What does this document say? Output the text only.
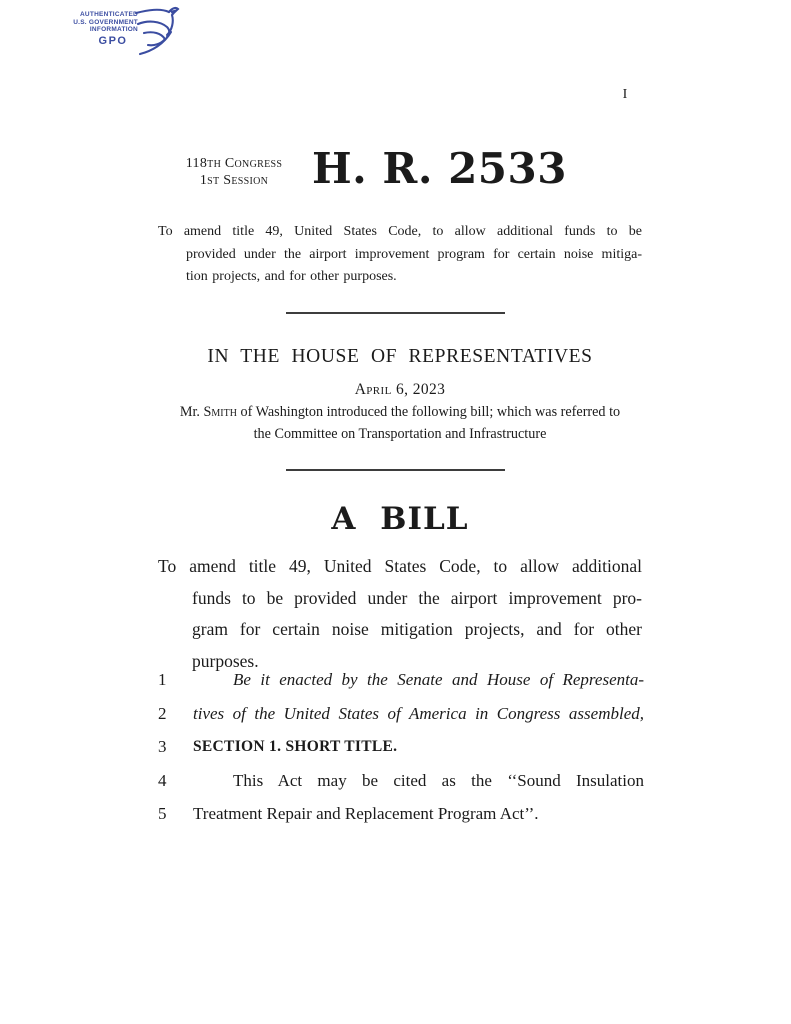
AUTHENTICATED
U.S. GOVERNMENT
INFORMATION
GPO
I
118th Congress
1st Session	H. R. 2533
To amend title 49, United States Code, to allow additional funds to be
provided under the airport improvement program for certain noise mitiga-
tion projects, and for other purposes.
IN THE HOUSE OF REPRESENTATIVES
April 6, 2023
Mr. Smith of Washington introduced the following bill; which was referred to
the Committee on Transportation and Infrastructure
A BILL
To amend title 49, United States Code, to allow additional
funds to be provided under the airport improvement pro-
gram for certain noise mitigation projects, and for other
purposes.
1	Be it enacted by the Senate and House of Representa-
2	tives of the United States of America in Congress assembled,
3	SECTION 1. SHORT TITLE.
4	This Act may be cited as the ‘‘Sound Insulation
5	Treatment Repair and Replacement Program Act’’.
